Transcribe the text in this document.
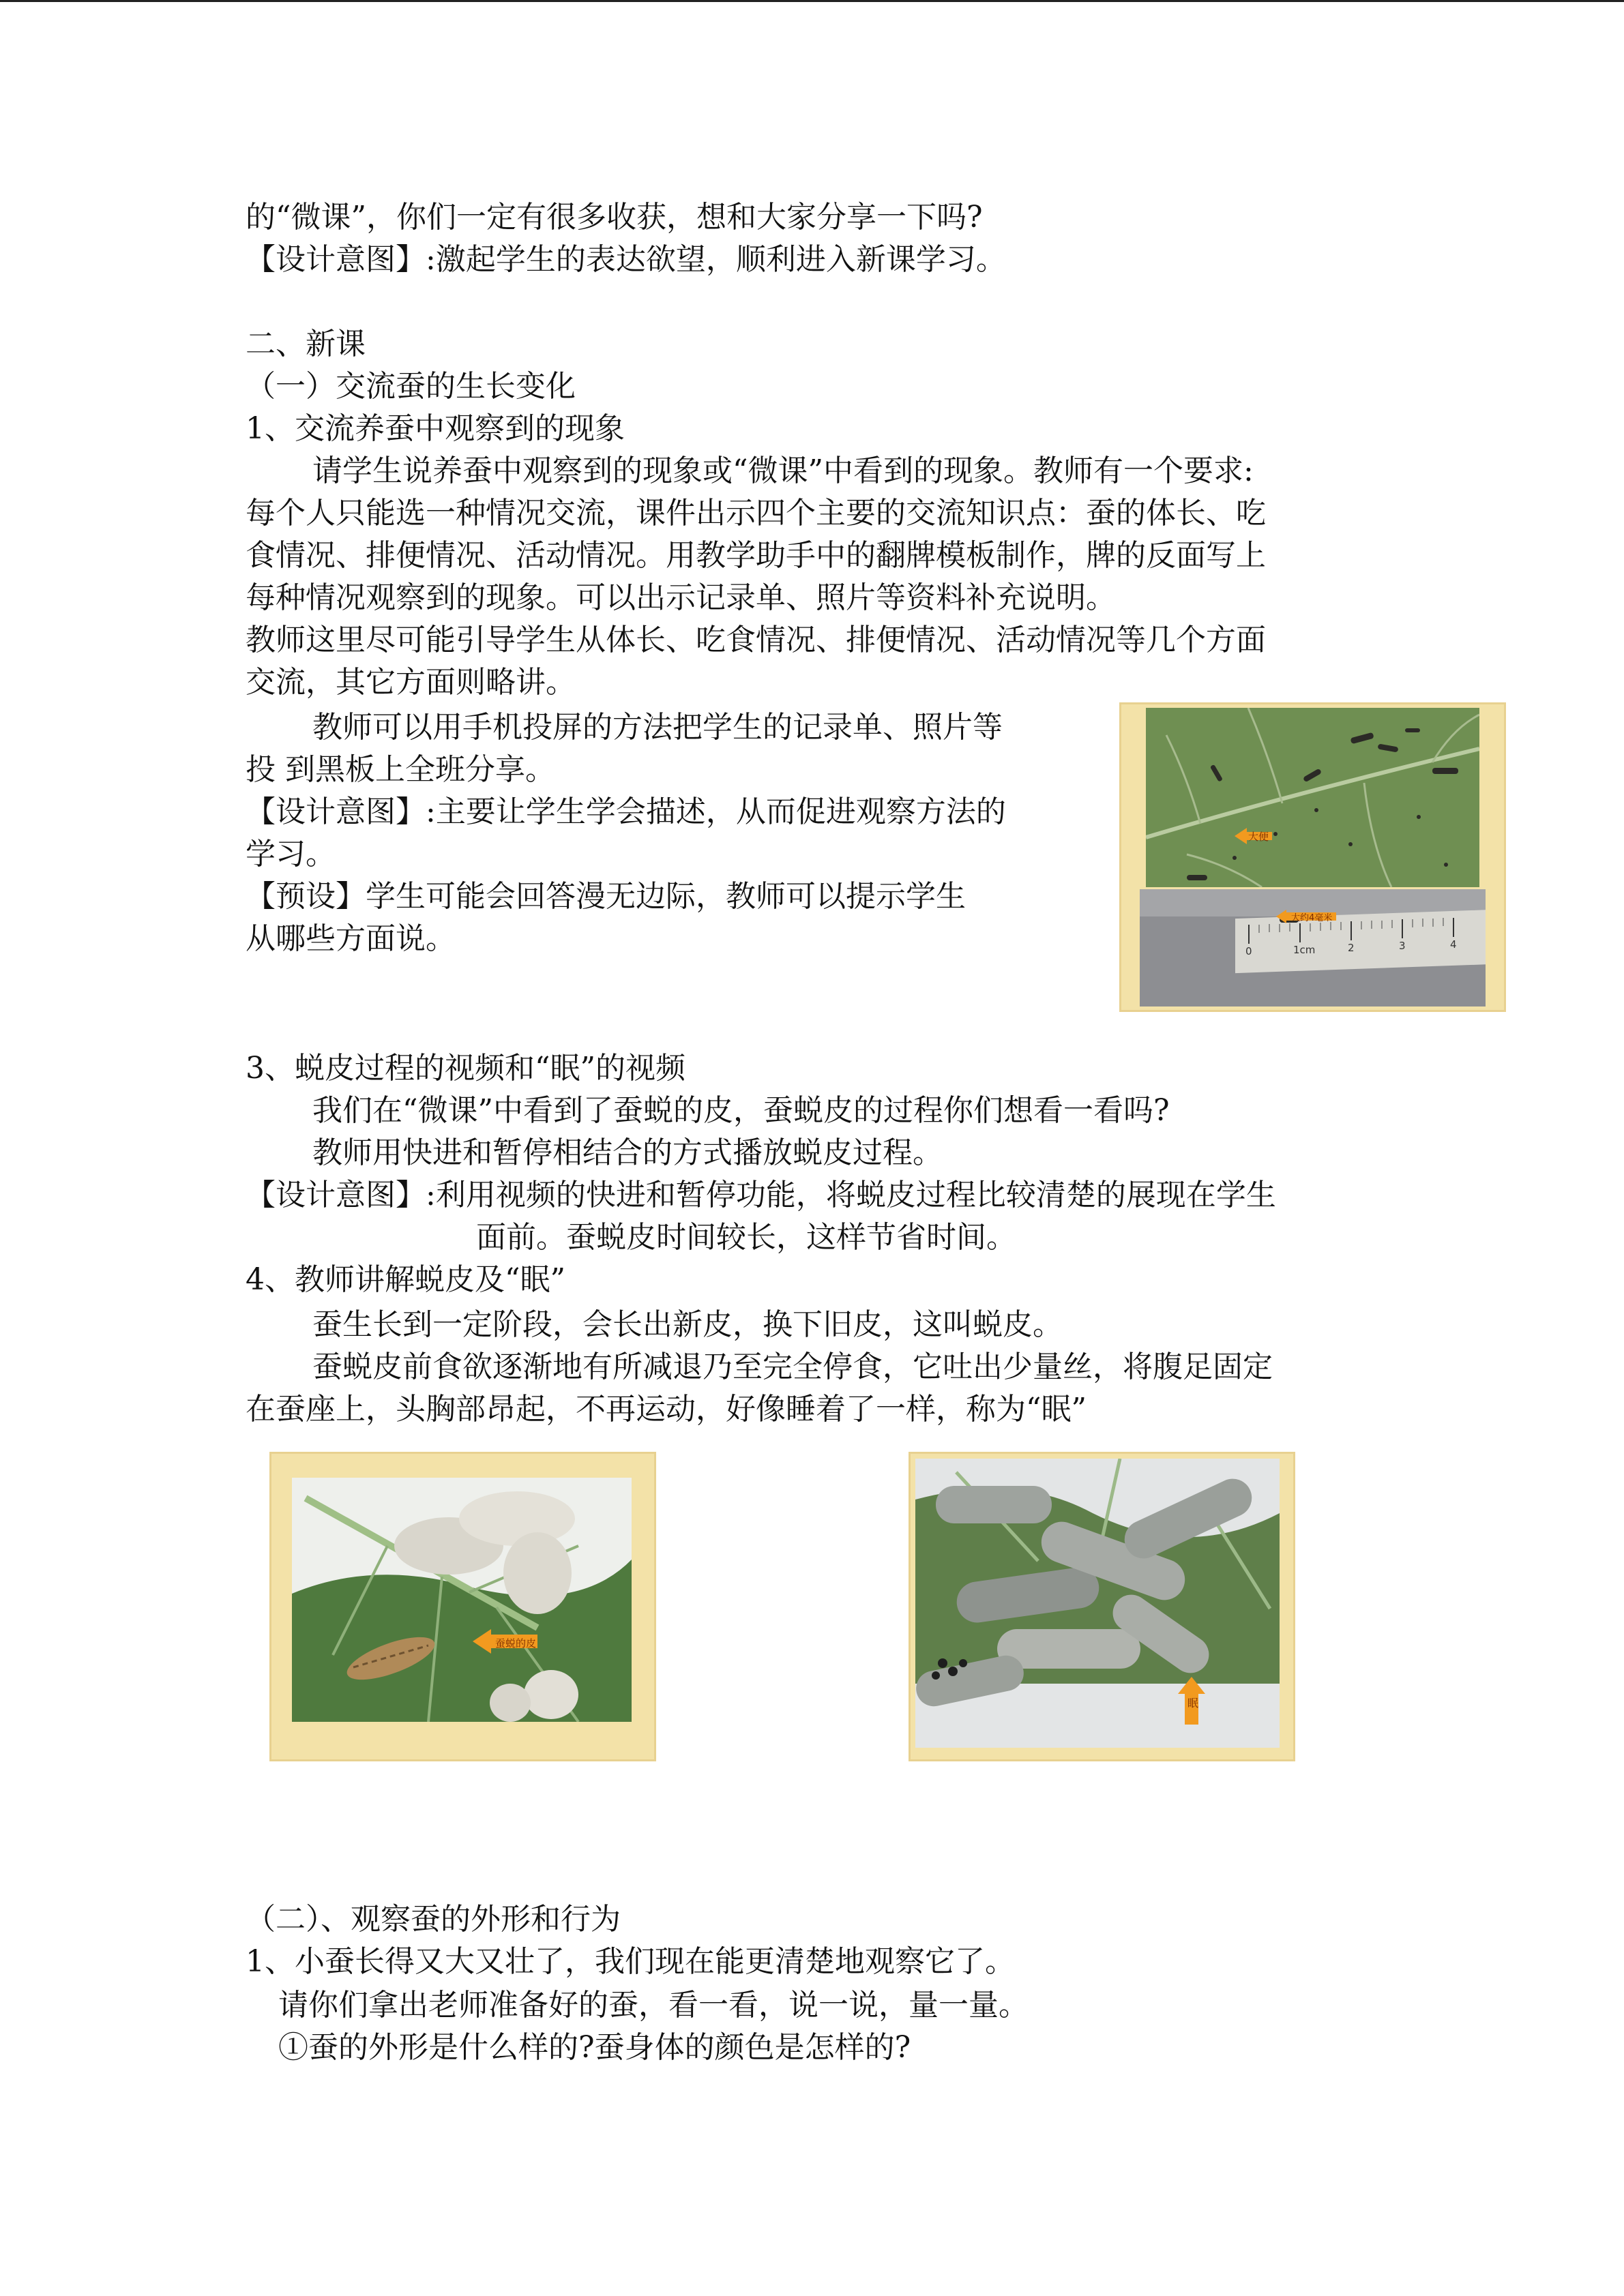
的“微课”，你们一定有很多收获，想和大家分享一下吗?

【设计意图】:激起学生的表达欲望，顺利进入新课学习。

二、新课

（一）交流蚕的生长变化

1、交流养蚕中观察到的现象

请学生说养蚕中观察到的现象或“微课”中看到的现象。教师有一个要求:

每个人只能选一种情况交流，课件出示四个主要的交流知识点：蚕的体长、吃

食情况、排便情况、活动情况。用教学助手中的翻牌模板制作，牌的反面写上

每种情况观察到的现象。可以出示记录单、照片等资料补充说明。

教师这里尽可能引导学生从体长、吃食情况、排便情况、活动情况等几个方面

交流，其它方面则略讲。

教师可以用手机投屏的方法把学生的记录单、照片等

投 到黑板上全班分享。

【设计意图】:主要让学生学会描述，从而促进观察方法的

学习。

【预设】学生可能会回答漫无边际，教师可以提示学生

从哪些方面说。

3、蜕皮过程的视频和“眠”的视频

我们在“微课”中看到了蚕蜕的皮，蚕蜕皮的过程你们想看一看吗?

教师用快进和暂停相结合的方式播放蜕皮过程。

【设计意图】:利用视频的快进和暂停功能，将蜕皮过程比较清楚的展现在学生

面前。蚕蜕皮时间较长，这样节省时间。

4、教师讲解蜕皮及“眠”

蚕生长到一定阶段，会长出新皮，换下旧皮，这叫蜕皮。

蚕蜕皮前食欲逐渐地有所减退乃至完全停食，它吐出少量丝，将腹足固定

在蚕座上，头胸部昂起，不再运动，好像睡着了一样，称为“眠”

（二）、观察蚕的外形和行为

1、小蚕长得又大又壮了，我们现在能更清楚地观察它了。

请你们拿出老师准备好的蚕，看一看，说一说，量一量。

①蚕的外形是什么样的?蚕身体的颜色是怎样的?

大便
大约4毫米
0	1cm	2	3	4
蚕蜕的皮
眠
